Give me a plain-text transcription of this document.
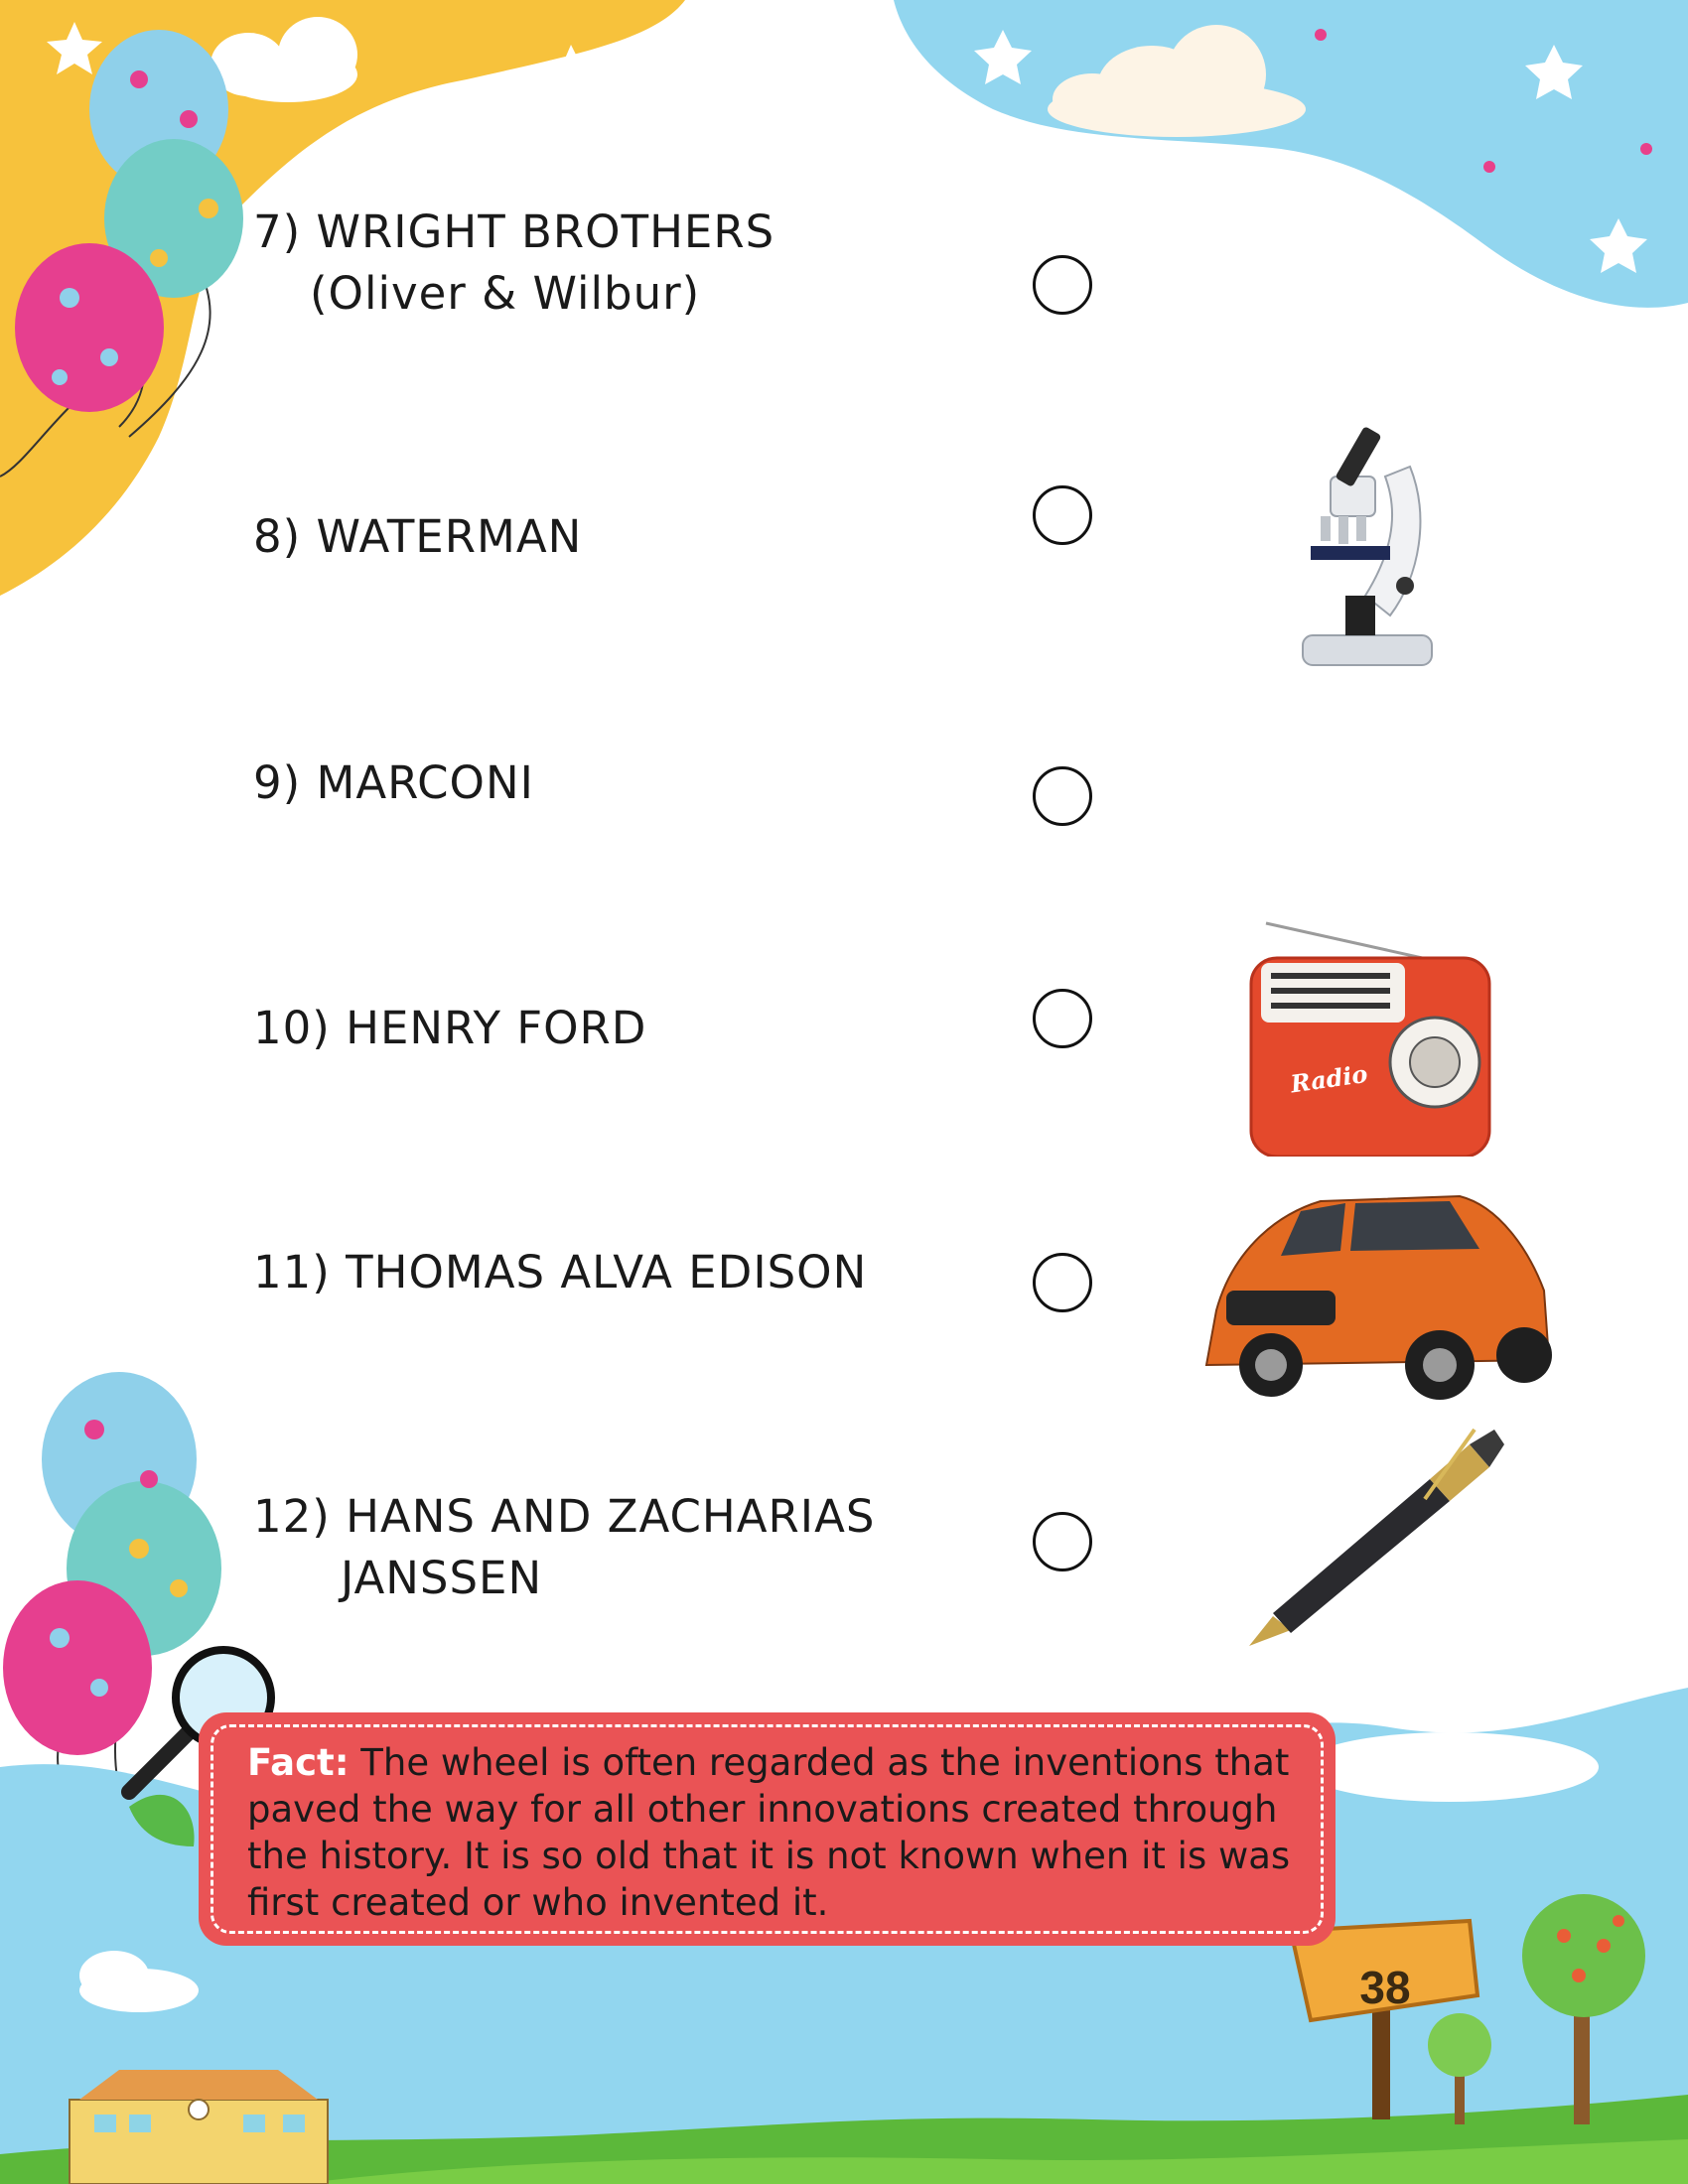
7) WRIGHT BROTHERS
(Oliver & Wilbur)
8) WATERMAN
9) MARCONI
10) HENRY FORD
11) THOMAS ALVA EDISON
12) HANS AND ZACHARIAS
JANSSEN
Radio
Fact: The wheel is often regarded as the inventions that paved the way for all other innovations created through the history. It is so old that it is not known when it is was first created or who invented it.
38
